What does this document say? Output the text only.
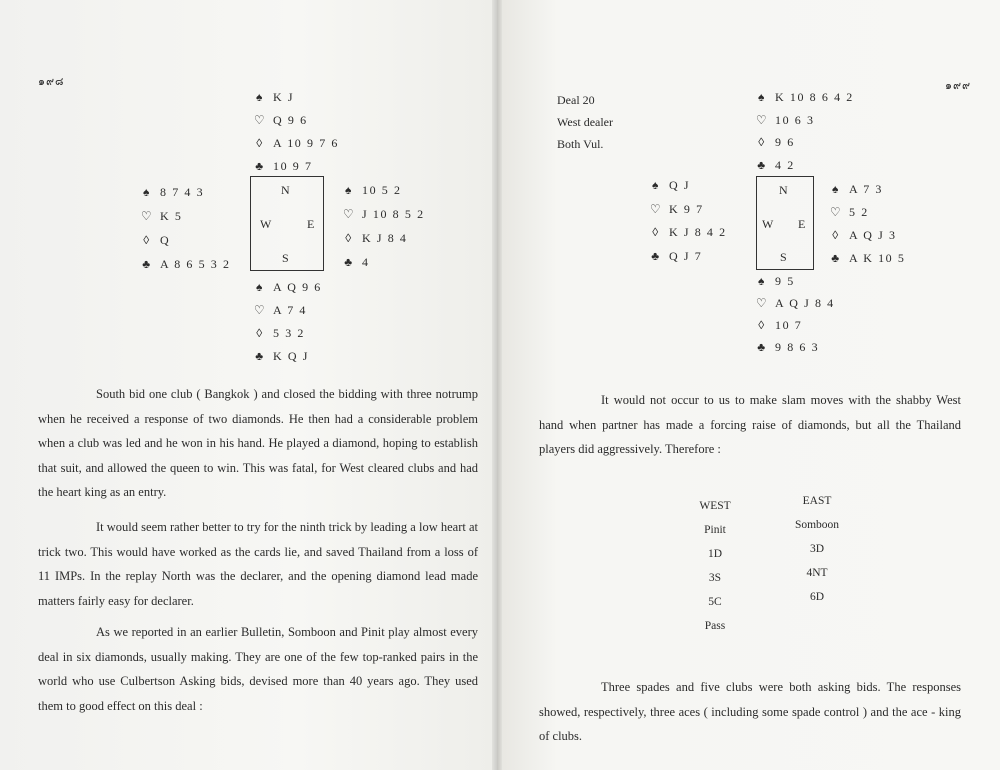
๑๙๘
♠ K J
♡ Q 9 6
◊ A 10 9 7 6
♣ 10 9 7
♠ 8 7 4 3
♡ K 5
◊ Q
♣ A 8 6 5 3 2
♠ 10 5 2
♡ J 10 8 5 2
◊ K J 8 4
♣ 4
♠ A Q 9 6
♡ A 7 4
◊ 5 3 2
♣ K Q J
N
W	E
S

South bid one club ( Bangkok ) and closed the bidding with three notrump when he received a response of two diamonds. He then had a considerable problem when a club was led and he won in his hand. He played a diamond, hoping to establish that suit, and allowed the queen to win. This was fatal, for West cleared clubs and had the heart king as an entry.

It would seem rather better to try for the ninth trick by leading a low heart at trick two. This would have worked as the cards lie, and saved Thailand from a loss of 11 IMPs. In the replay North was the declarer, and the opening diamond lead made matters fairly easy for declarer.

As we reported in an earlier Bulletin, Somboon and Pinit play almost every deal in six diamonds, usually making. They are one of the few top-ranked pairs in the world who use Culbertson Asking bids, devised more than 40 years ago. They used them to good effect on this deal :

๑๙๙
Deal 20
West dealer
Both Vul.
♠ K 10 8 6 4 2
♡ 10 6 3
◊ 9 6
♣ 4 2
♠ Q J
♡ K 9 7
◊ K J 8 4 2
♣ Q J 7
♠ A 7 3
♡ 5 2
◊ A Q J 3
♣ A K 10 5
♠ 9 5
♡ A Q J 8 4
◊ 10 7
♣ 9 8 6 3
N
W E
S

It would not occur to us to make slam moves with the shabby West hand when partner has made a forcing raise of diamonds, but all the Thailand players did aggressively. Therefore :

WEST
Pinit
1D
3S
5C
Pass
EAST
Somboon
3D
4NT
6D

Three spades and five clubs were both asking bids. The responses showed, respectively, three aces ( including some spade control ) and the ace - king of clubs.
